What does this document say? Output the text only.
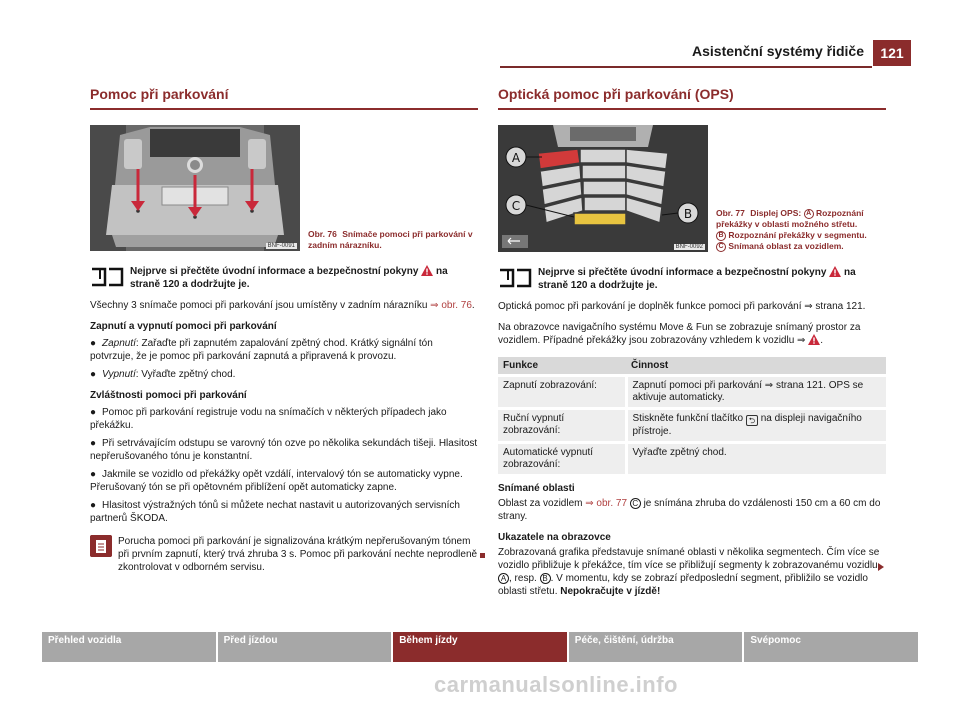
Asistenční systémy řidiče	121
Pomoc při parkování
BNF-0091
Obr. 76 Snímače pomoci při parkování v zadním nárazníku.
Nejprve si přečtěte úvodní informace a bezpečnostní pokyny na straně 120 a dodržujte je.
Všechny 3 snímače pomoci při parkování jsou umístěny v zadním nárazníku ⇒ obr. 76.
Zapnutí a vypnutí pomoci při parkování
● Zapnutí: Zařaďte při zapnutém zapalování zpětný chod. Krátký signální tón potvrzuje, že je pomoc při parkování zapnutá a připravená k provozu.
● Vypnutí: Vyřaďte zpětný chod.
Zvláštnosti pomoci při parkování
● Pomoc při parkování registruje vodu na snímačích v některých případech jako překážku.
● Při setrvávajícím odstupu se varovný tón ozve po několika sekundách tišeji. Hlasitost nepřerušovaného tónu je konstantní.
● Jakmile se vozidlo od překážky opět vzdálí, intervalový tón se automaticky vypne. Přerušovaný tón se při opětovném přiblížení opět automaticky zapne.
● Hlasitost výstražných tónů si můžete nechat nastavit u autorizovaných servisních partnerů ŠKODA.
Porucha pomoci při parkování je signalizována krátkým nepřerušovaným tónem při prvním zapnutí, který trvá zhruba 3 s. Pomoc při parkování nechte neprodleně zkontrolovat v odborném servisu.
Optická pomoc při parkování (OPS)
A
C
B
BNF-0092
Obr. 77 Displej OPS: A Rozpoznání překážky v oblasti možného střetu.
B Rozpoznání překážky v segmentu.
C Snímaná oblast za vozidlem.
Nejprve si přečtěte úvodní informace a bezpečnostní pokyny na straně 120 a dodržujte je.
Optická pomoc při parkování je doplněk funkce pomoci při parkování ⇒ strana 121.
Na obrazovce navigačního systému Move & Fun se zobrazuje snímaný prostor za vozidlem. Případné překážky jsou zobrazovány vzhledem k vozidlu ⇒ .
Funkce	Činnost
Zapnutí zobrazování:	Zapnutí pomoci při parkování ⇒ strana 121. OPS se aktivuje automaticky.
Ruční vypnutí zobrazování:	Stiskněte funkční tlačítko ⮌ na displeji navigačního přístroje.
Automatické vypnutí zobrazování:	Vyřaďte zpětný chod.
Snímané oblasti
Oblast za vozidlem ⇒ obr. 77 C je snímána zhruba do vzdálenosti 150 cm a 60 cm do strany.
Ukazatele na obrazovce
Zobrazovaná grafika představuje snímané oblasti v několika segmentech. Čím více se vozidlo přibližuje k překážce, tím více se přibližují segmenty k zobrazovanému vozidlu A , resp. B . V momentu, kdy se zobrazí předposlední segment, přibližilo se vozidlo oblasti střetu. Nepokračujte v jízdě!
Přehled vozidla	Před jízdou	Během jízdy	Péče, čištění, údržba	Svépomoc
carmanualsonline.info
